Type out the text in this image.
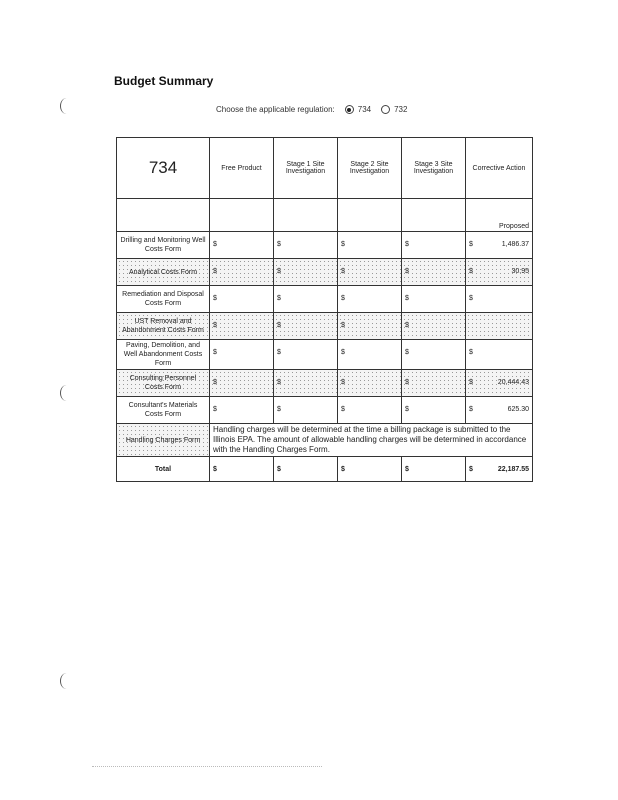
Budget Summary
Choose the applicable regulation:	734	732
734	Free Product	Stage 1 Site Investigation	Stage 2 Site Investigation	Stage 3 Site Investigation	Corrective Action
					Proposed
Drilling and Monitoring Well Costs Form	$	$	$	$	$ 1,486.37

Analytical Costs Form	$	$	$	$	$ 30.95

Remediation and Disposal Costs Form	$	$	$	$	$

UST Removal and Abandonment Costs Form	$	$	$	$	

Paving, Demolition, and Well Abandonment Costs Form	$	$	$	$	$

Consulting Personnel Costs Form	$	$	$	$	$ 20,444.43

Consultant's Materials Costs Form	$	$	$	$	$ 625.30

Handling Charges Form	Handling charges will be determined at the time a billing package is submitted to the Illinois EPA. The amount of allowable handling charges will be determined in accordance with the Handling Charges Form.				
Total	$	$	$	$	$ 22,187.55
